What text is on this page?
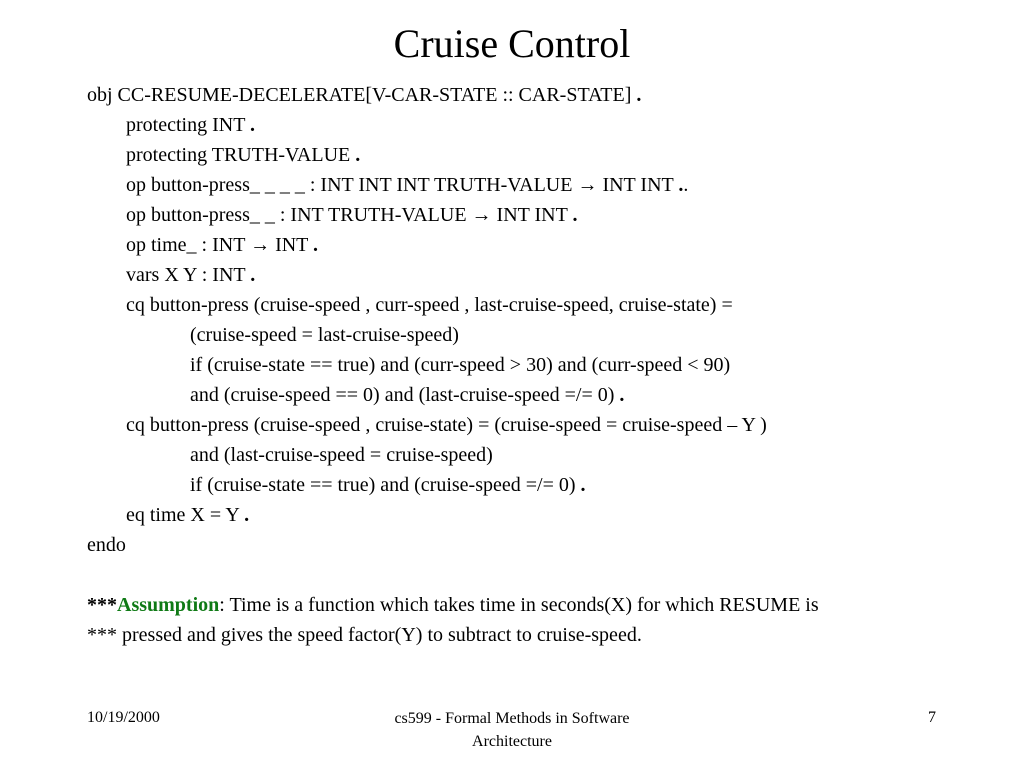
Cruise Control
obj CC-RESUME-DECELERATE[V-CAR-STATE :: CAR-STATE] .
protecting INT .
protecting TRUTH-VALUE .
op button-press_ _ _ _ : INT INT INT TRUTH-VALUE → INT INT ..
op button-press_ _ : INT TRUTH-VALUE → INT INT .
op time_ : INT → INT .
vars X Y : INT .
cq button-press (cruise-speed , curr-speed , last-cruise-speed, cruise-state) =
(cruise-speed = last-cruise-speed)
if (cruise-state == true) and (curr-speed > 30) and (curr-speed < 90)
and (cruise-speed == 0) and (last-cruise-speed =/= 0) .
cq button-press (cruise-speed , cruise-state) = (cruise-speed = cruise-speed – Y )
and (last-cruise-speed = cruise-speed)
if (cruise-state == true) and (cruise-speed =/= 0) .
eq time X = Y .
endo
***Assumption: Time is a function which takes time in seconds(X) for which RESUME is
*** pressed and gives the speed factor(Y) to subtract to cruise-speed.
10/19/2000	cs599 - Formal Methods in Software
Architecture
7
